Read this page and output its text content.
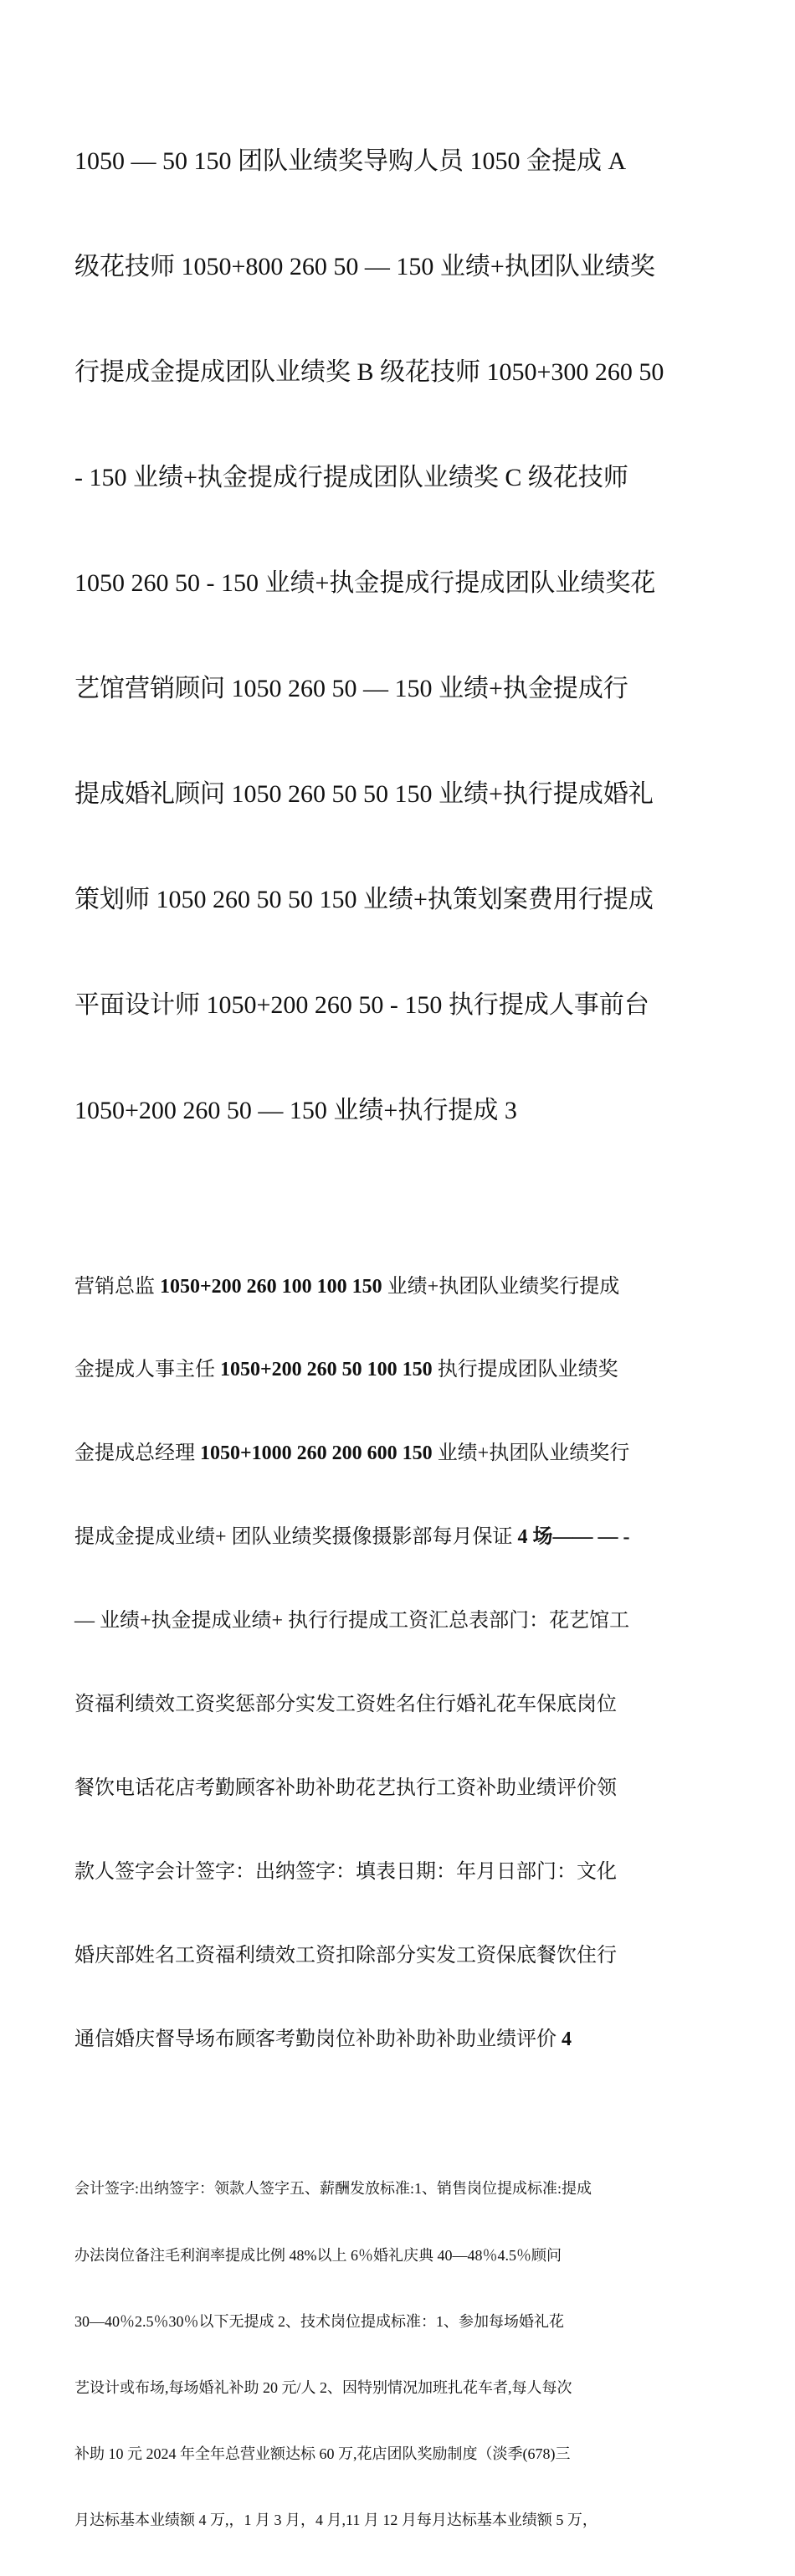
1050 — 50 150 团队业绩奖导购人员 1050 金提成 A

级花技师 1050+800 260 50 — 150 业绩+执团队业绩奖

行提成金提成团队业绩奖 B 级花技师 1050+300 260 50

- 150 业绩+执金提成行提成团队业绩奖 C 级花技师

1050 260 50 - 150 业绩+执金提成行提成团队业绩奖花

艺馆营销顾问 1050 260 50 — 150 业绩+执金提成行

提成婚礼顾问 1050 260 50 50 150 业绩+执行提成婚礼

策划师 1050 260 50 50 150 业绩+执策划案费用行提成

平面设计师 1050+200 260 50 - 150 执行提成人事前台

1050+200 260 50 — 150 业绩+执行提成 3

营销总监 1050+200 260 100 100 150 业绩+执团队业绩奖行提成

金提成人事主任 1050+200 260 50 100 150 执行提成团队业绩奖

金提成总经理 1050+1000 260 200 600 150 业绩+执团队业绩奖行

提成金提成业绩+ 团队业绩奖摄像摄影部每月保证 4 场—— — -

— 业绩+执金提成业绩+ 执行行提成工资汇总表部门：花艺馆工

资福利绩效工资奖惩部分实发工资姓名住行婚礼花车保底岗位

餐饮电话花店考勤顾客补助补助花艺执行工资补助业绩评价领

款人签字会计签字：出纳签字：填表日期：年月日部门：文化

婚庆部姓名工资福利绩效工资扣除部分实发工资保底餐饮住行

通信婚庆督导场布顾客考勤岗位补助补助补助业绩评价 4

会计签字:出纳签字：领款人签字五、薪酬发放标准:1、销售岗位提成标准:提成

办法岗位备注毛利润率提成比例 48%以上 6％婚礼庆典 40—48％4.5％顾问

30—40％2.5％30％以下无提成 2、技术岗位提成标准：1、参加每场婚礼花

艺设计或布场,每场婚礼补助 20 元/人 2、因特别情况加班扎花车者,每人每次

补助 10 元 2024 年全年总营业额达标 60 万,花店团队奖励制度（淡季(678)三

月达标基本业绩额 4 万,，1 月 3 月，4 月,11 月 12 月每月达标基本业绩额 5 万，
